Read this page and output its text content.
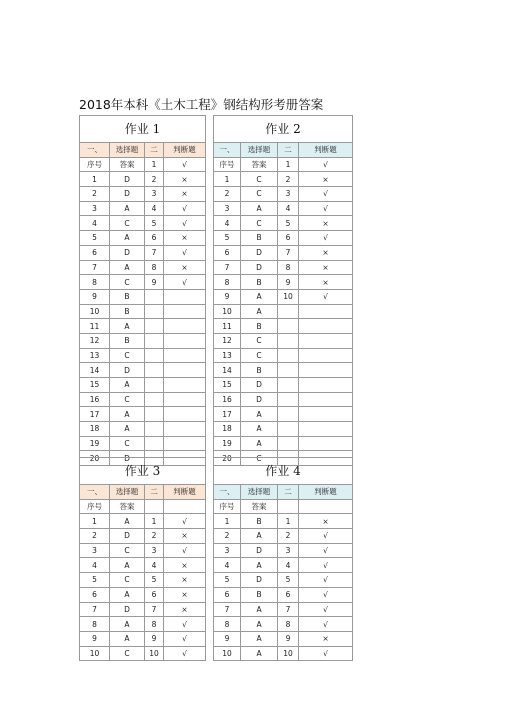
2018年本科《土木工程》钢结构形考册答案
作业 1					作业 2			
一、	选择题	二	判断题		一、	选择题	二	判断题
序号	答案	1	√		序号	答案	1	√
1	D	2	×		1	C	2	×
2	D	3	×		2	C	3	√
3	A	4	√		3	A	4	√
4	C	5	√		4	C	5	×
5	A	6	×		5	B	6	√
6	D	7	√		6	D	7	×
7	A	8	×		7	D	8	×
8	C	9	√		8	B	9	×
9	B				9	A	10	√
10	B				10	A		
11	A				11	B		
12	B				12	C		
13	C				13	C		
14	D				14	B		
15	A				15	D		
16	C				16	D		
17	A				17	A		
18	A				18	A		
19	C				19	A		
20	D				20	C		
作业 3					作业 4			
一、	选择题	二	判断题		一、	选择题	二	判断题
序号	答案				序号	答案		
1	A	1	√		1	B	1	×
2	D	2	×		2	A	2	√
3	C	3	√		3	D	3	√
4	A	4	×		4	A	4	√
5	C	5	×		5	D	5	√
6	A	6	×		6	B	6	√
7	D	7	×		7	A	7	√
8	A	8	√		8	A	8	√
9	A	9	√		9	A	9	×
10	C	10	√		10	A	10	√
